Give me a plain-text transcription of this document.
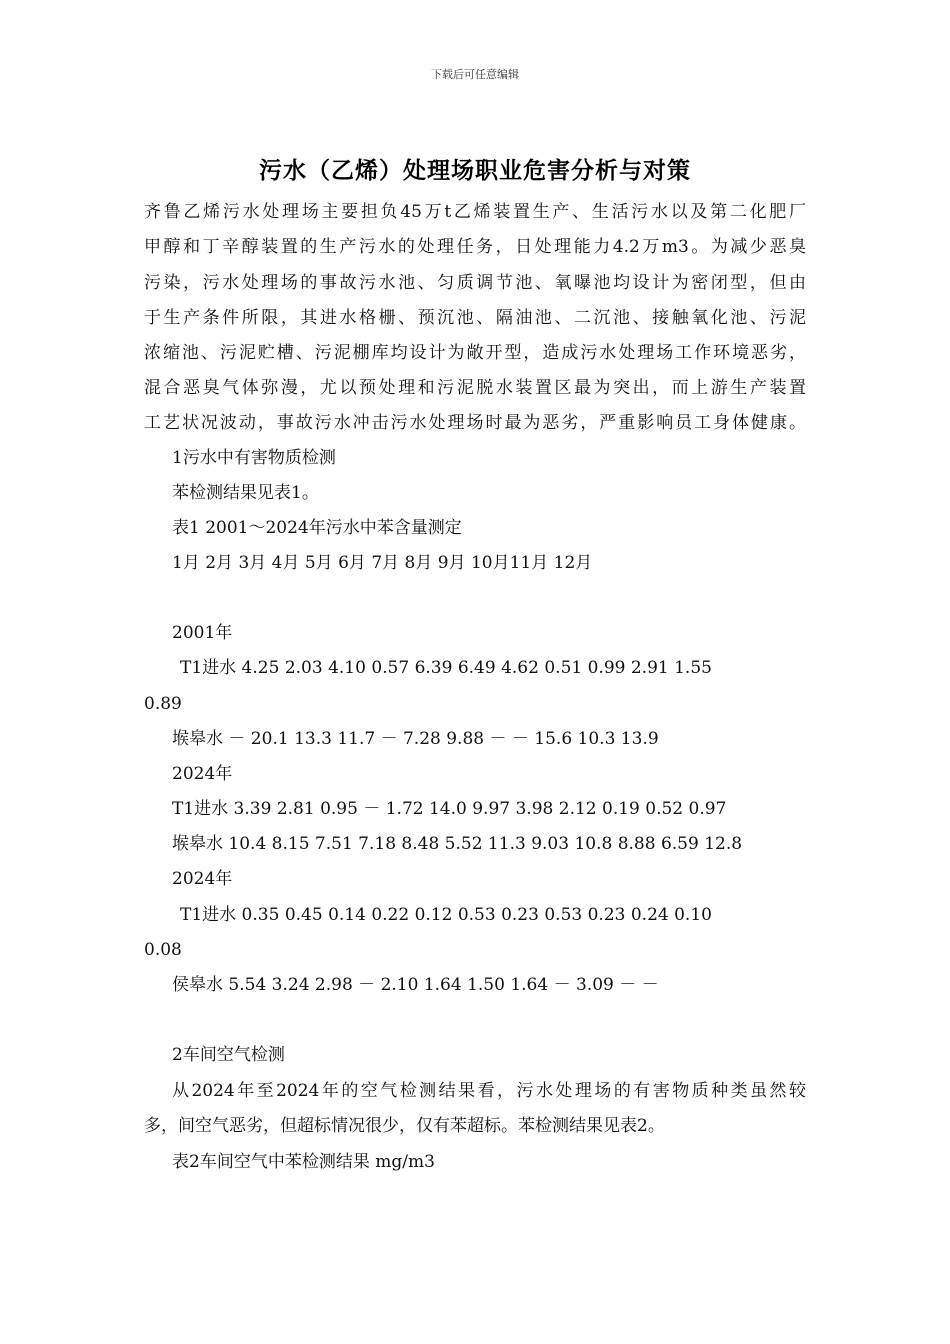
下载后可任意编辑
污水（乙烯）处理场职业危害分析与对策
齐鲁乙烯污水处理场主要担负45万t乙烯装置生产、生活污水以及第二化肥厂
甲醇和丁辛醇装置的生产污水的处理任务，日处理能力4.2万m3。为减少恶臭
污染，污水处理场的事故污水池、匀质调节池、氧曝池均设计为密闭型，但由
于生产条件所限，其进水格栅、预沉池、隔油池、二沉池、接触氧化池、污泥
浓缩池、污泥贮槽、污泥棚库均设计为敞开型，造成污水处理场工作环境恶劣，
混合恶臭气体弥漫，尤以预处理和污泥脱水装置区最为突出，而上游生产装置
工艺状况波动，事故污水冲击污水处理场时最为恶劣，严重影响员工身体健康。
1污水中有害物质检测
苯检测结果见表1。
表1 2001～2024年污水中苯含量测定
1月 2月 3月 4月 5月 6月 7月 8月 9月 10月11月 12月
2001年
T1进水 4.25 2.03 4.10 0.57 6.39 6.49 4.62 0.51 0.99 2.91 1.55
0.89
堠皋水 － 20.1 13.3 11.7 － 7.28 9.88 － － 15.6 10.3 13.9
2024年
T1进水 3.39 2.81 0.95 － 1.72 14.0 9.97 3.98 2.12 0.19 0.52 0.97
堠皋水 10.4 8.15 7.51 7.18 8.48 5.52 11.3 9.03 10.8 8.88 6.59 12.8
2024年
T1进水 0.35 0.45 0.14 0.22 0.12 0.53 0.23 0.53 0.23 0.24 0.10
0.08
侯皋水 5.54 3.24 2.98 － 2.10 1.64 1.50 1.64 － 3.09 － －
2车间空气检测
从2024年至2024年的空气检测结果看，污水处理场的有害物质种类虽然较
多，间空气恶劣，但超标情况很少，仅有苯超标。苯检测结果见表2。
表2车间空气中苯检测结果 mg/m3
